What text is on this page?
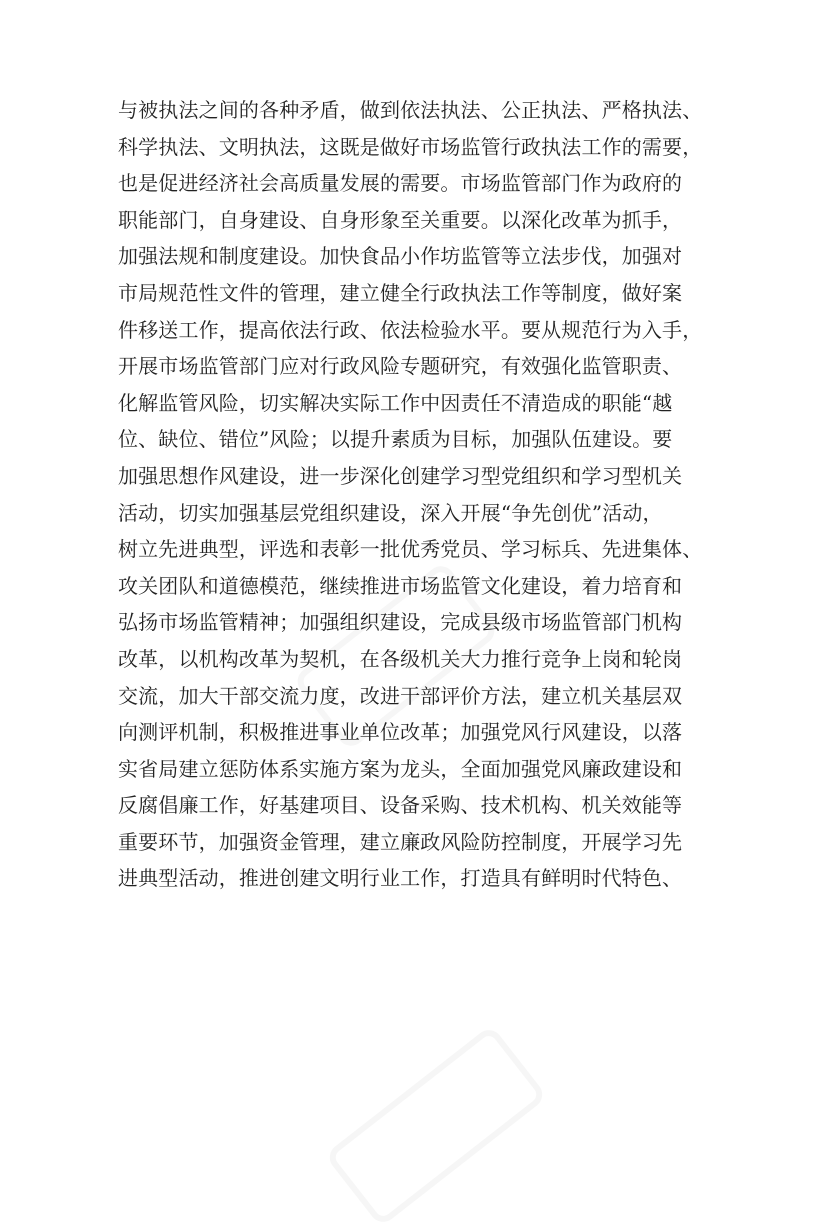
与被执法之间的各种矛盾，做到依法执法、公正执法、严格执法、
科学执法、文明执法，这既是做好市场监管行政执法工作的需要，
也是促进经济社会高质量发展的需要。市场监管部门作为政府的
职能部门，自身建设、自身形象至关重要。以深化改革为抓手，
加强法规和制度建设。加快食品小作坊监管等立法步伐，加强对
市局规范性文件的管理，建立健全行政执法工作等制度，做好案
件移送工作，提高依法行政、依法检验水平。要从规范行为入手，
开展市场监管部门应对行政风险专题研究，有效强化监管职责、
化解监管风险，切实解决实际工作中因责任不清造成的职能“越
位、缺位、错位”风险；以提升素质为目标，加强队伍建设。要
加强思想作风建设，进一步深化创建学习型党组织和学习型机关
活动，切实加强基层党组织建设，深入开展“争先创优”活动，
树立先进典型，评选和表彰一批优秀党员、学习标兵、先进集体、
攻关团队和道德模范，继续推进市场监管文化建设，着力培育和
弘扬市场监管精神；加强组织建设，完成县级市场监管部门机构
改革，以机构改革为契机，在各级机关大力推行竞争上岗和轮岗
交流，加大干部交流力度，改进干部评价方法，建立机关基层双
向测评机制，积极推进事业单位改革；加强党风行风建设，以落
实省局建立惩防体系实施方案为龙头，全面加强党风廉政建设和
反腐倡廉工作，好基建项目、设备采购、技术机构、机关效能等
重要环节，加强资金管理，建立廉政风险防控制度，开展学习先
进典型活动，推进创建文明行业工作，打造具有鲜明时代特色、
